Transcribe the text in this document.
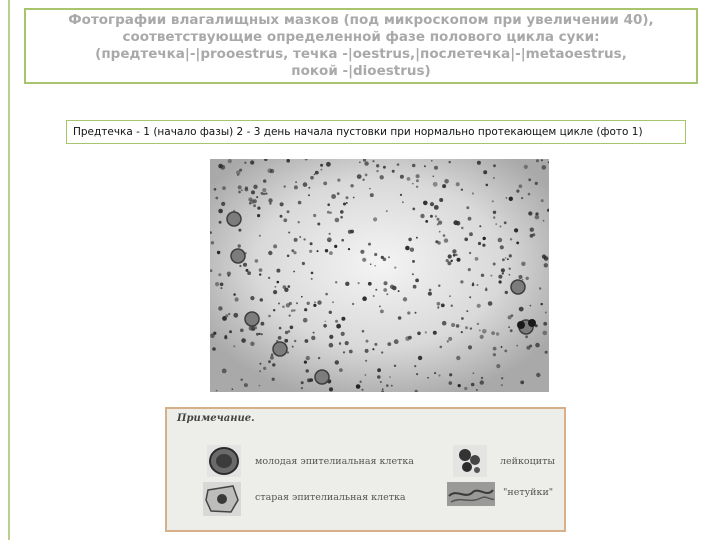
Фотографии влагалищных мазков (под микроскопом при увеличении 40),
соответствующие определенной фазе полового цикла суки:
(предтечка|-|prooestrus, течка -|oestrus,|послетечка|-|metaoestrus,
покой -|dioestrus)
Предтечка - 1 (начало фазы) 2 - 3 день начала пустовки при нормально протекающем цикле (фото 1)
Примечание.
молодая эпителиальная клетка	лейкоциты
старая эпителиальная клетка	"нетуйки"
